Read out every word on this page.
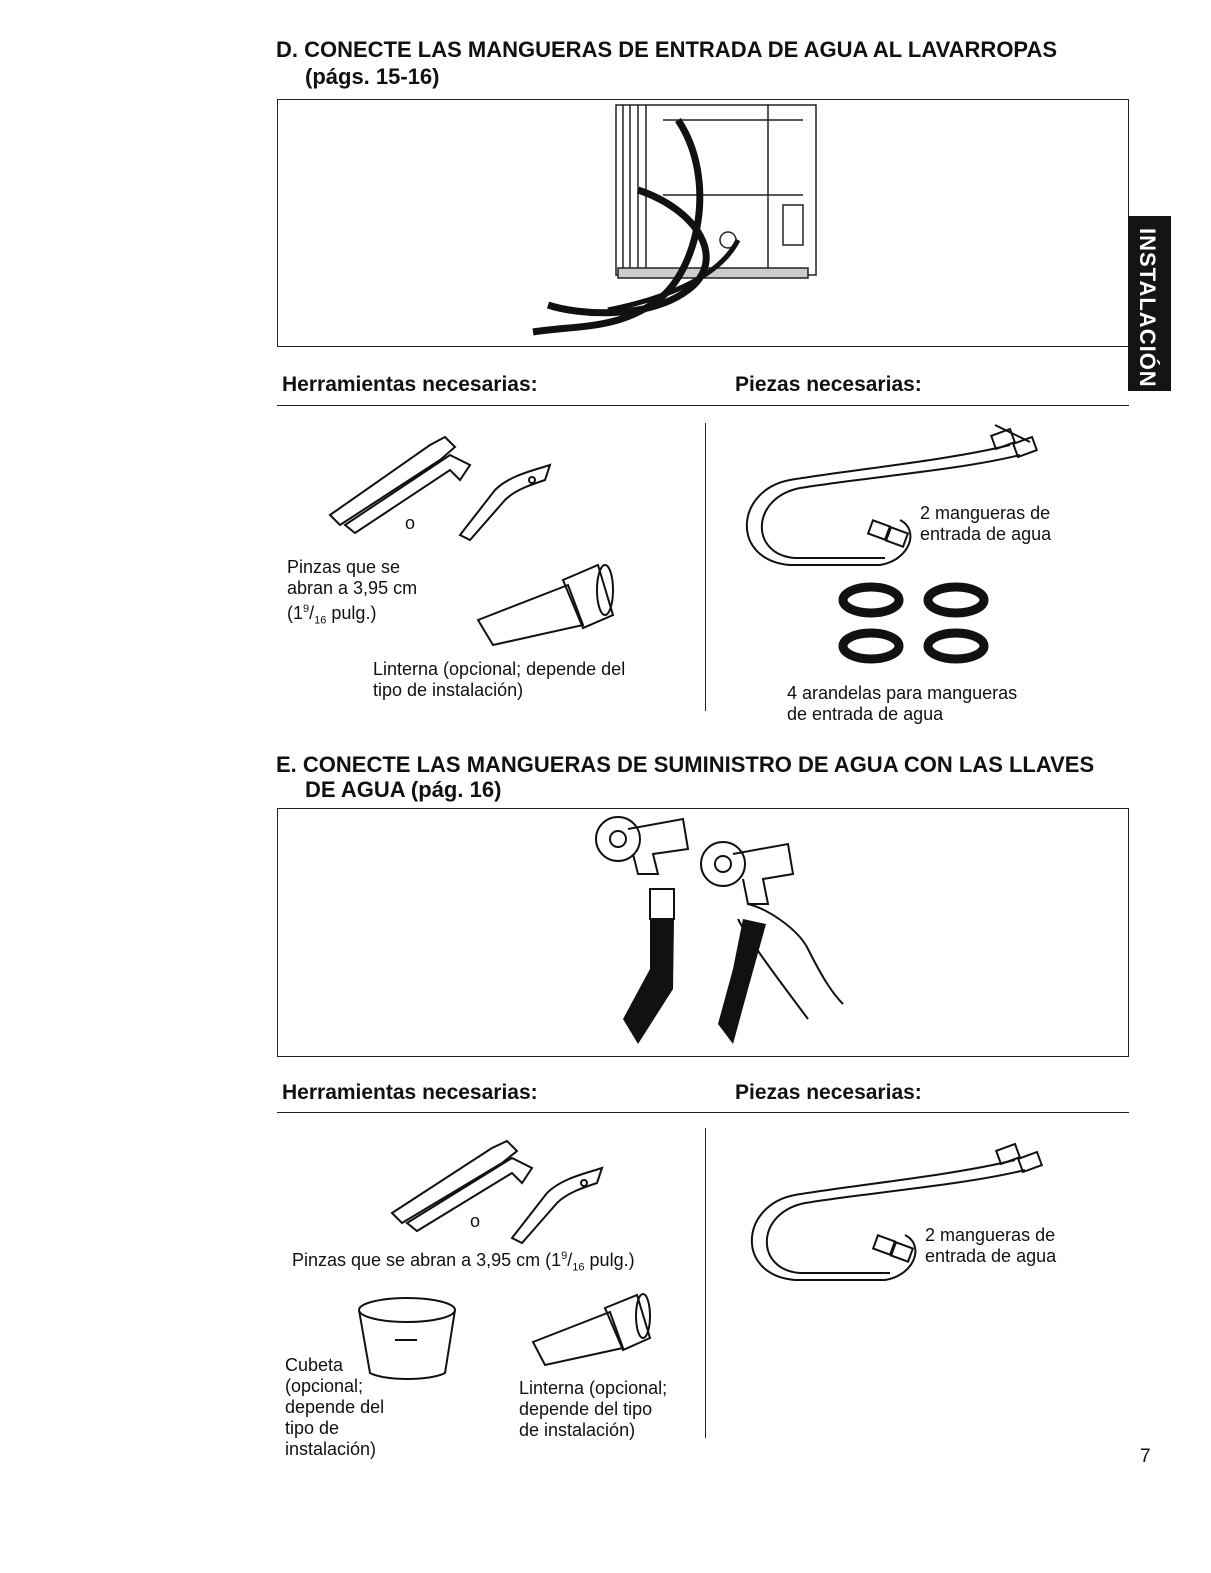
D. CONECTE LAS MANGUERAS DE ENTRADA DE AGUA AL LAVARROPAS
(págs. 15-16)
INSTALACIÓN
Herramientas necesarias:	Piezas necesarias:
o
Pinzas que se
abran a 3,95 cm
($1^9/_{16}$ pulg.)
Linterna (opcional; depende del
tipo de instalación)
2 mangueras de
entrada de agua
4 arandelas para mangueras
de entrada de agua
E. CONECTE LAS MANGUERAS DE SUMINISTRO DE AGUA CON LAS LLAVES
DE AGUA (pág. 16)
Herramientas necesarias:	Piezas necesarias:
o
Pinzas que se abran a 3,95 cm ($1^9/_{16}$ pulg.)
Cubeta
(opcional;
depende del
tipo de
instalación)
Linterna (opcional;
depende del tipo
de instalación)
2 mangueras de
entrada de agua
7
